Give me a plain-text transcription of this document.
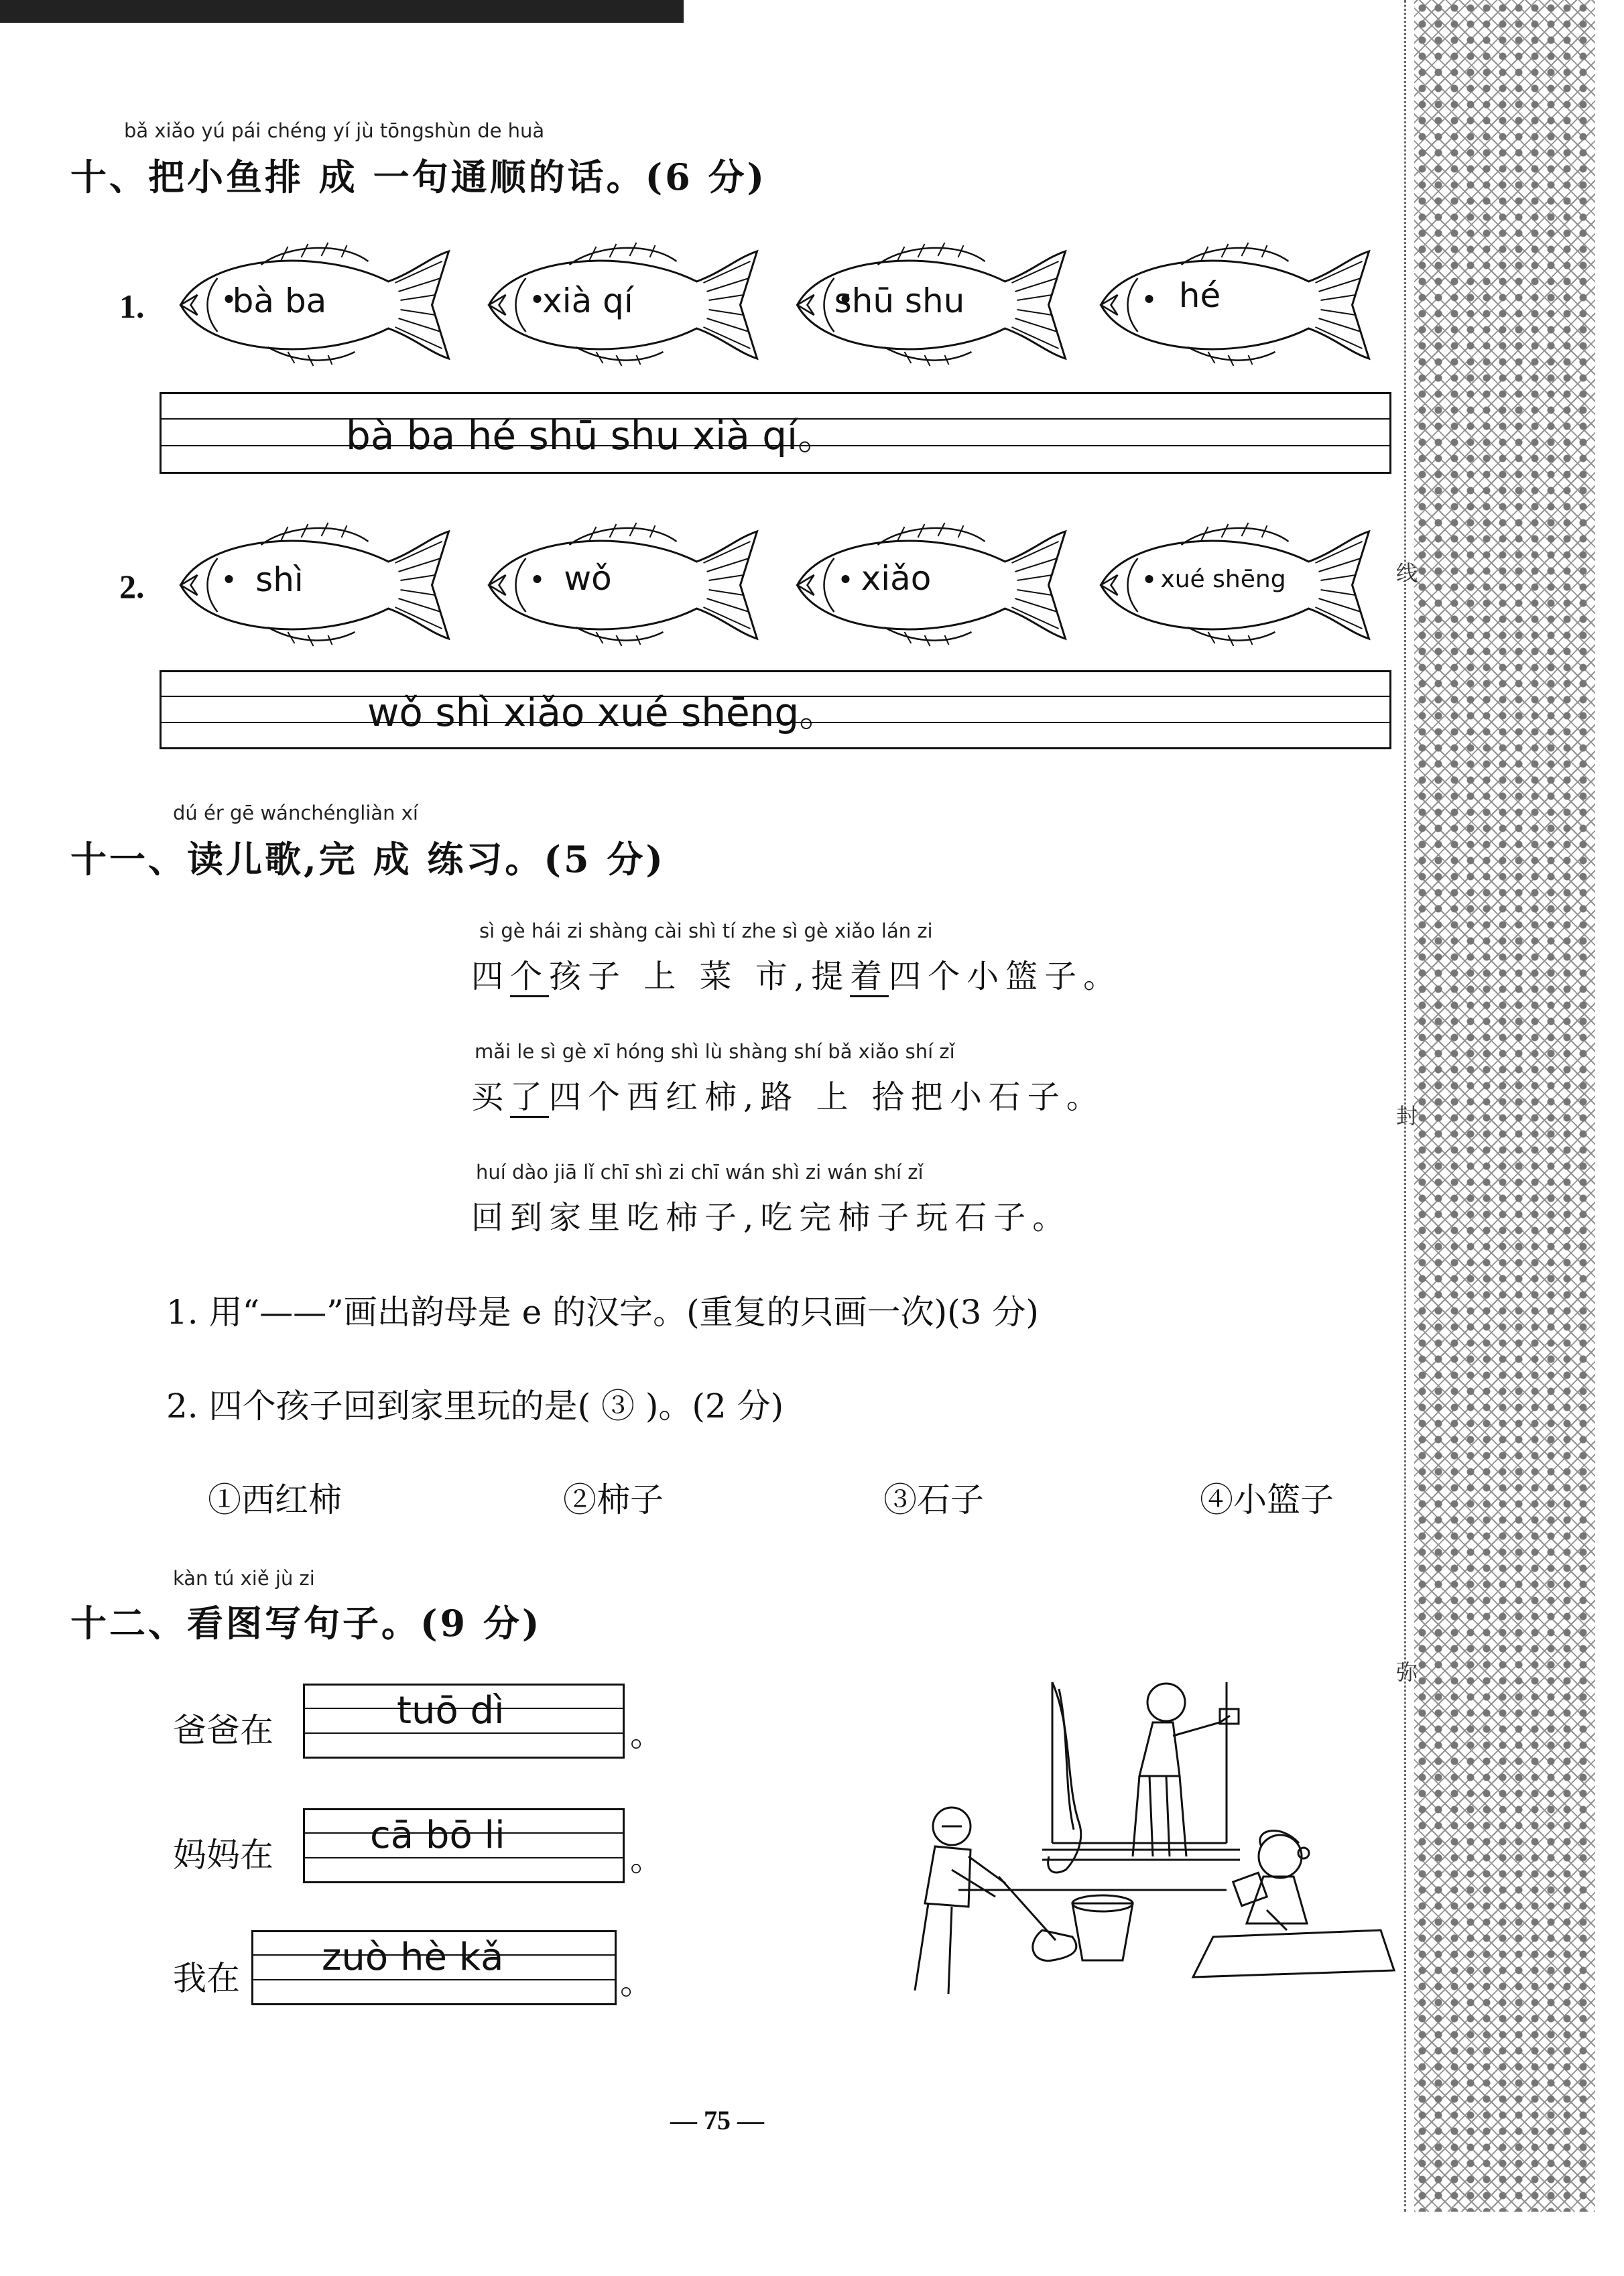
线
封
弥
bǎ xiǎo yú pái chéng yí jù tōngshùn de huà
十、把小鱼排 成 一句通顺的话。(6 分)
1.	bà ba	xià qí	shū shu	hé
bà ba hé shū shu xià qí。
2.	shì	wǒ	xiǎo	xué shēng
wǒ shì xiǎo xué shēng。
dú ér gē wánchéngliàn xí
十一、读儿歌,完 成 练习。(5 分)
sì gè hái zi shàng cài shì tí zhe sì gè xiǎo lán zi
四个孩子 上 菜 市,提着四个小篮子。
mǎi le sì gè xī hóng shì lù shàng shí bǎ xiǎo shí zǐ
买了四个西红柿,路 上 拾把小石子。
huí dào jiā lǐ chī shì zi chī wán shì zi wán shí zǐ
回到家里吃柿子,吃完柿子玩石子。
1. 用“——”画出韵母是 e 的汉字。(重复的只画一次)(3 分)
2. 四个孩子回到家里玩的是( ③ )。(2 分)
①西红柿	②柿子	③石子	④小篮子
kàn tú xiě jù zi
十二、看图写句子。(9 分)
爸爸在	tuō dì
。
妈妈在	cā bō li
。
我在 zuò hè kǎ
。
— 75 —
